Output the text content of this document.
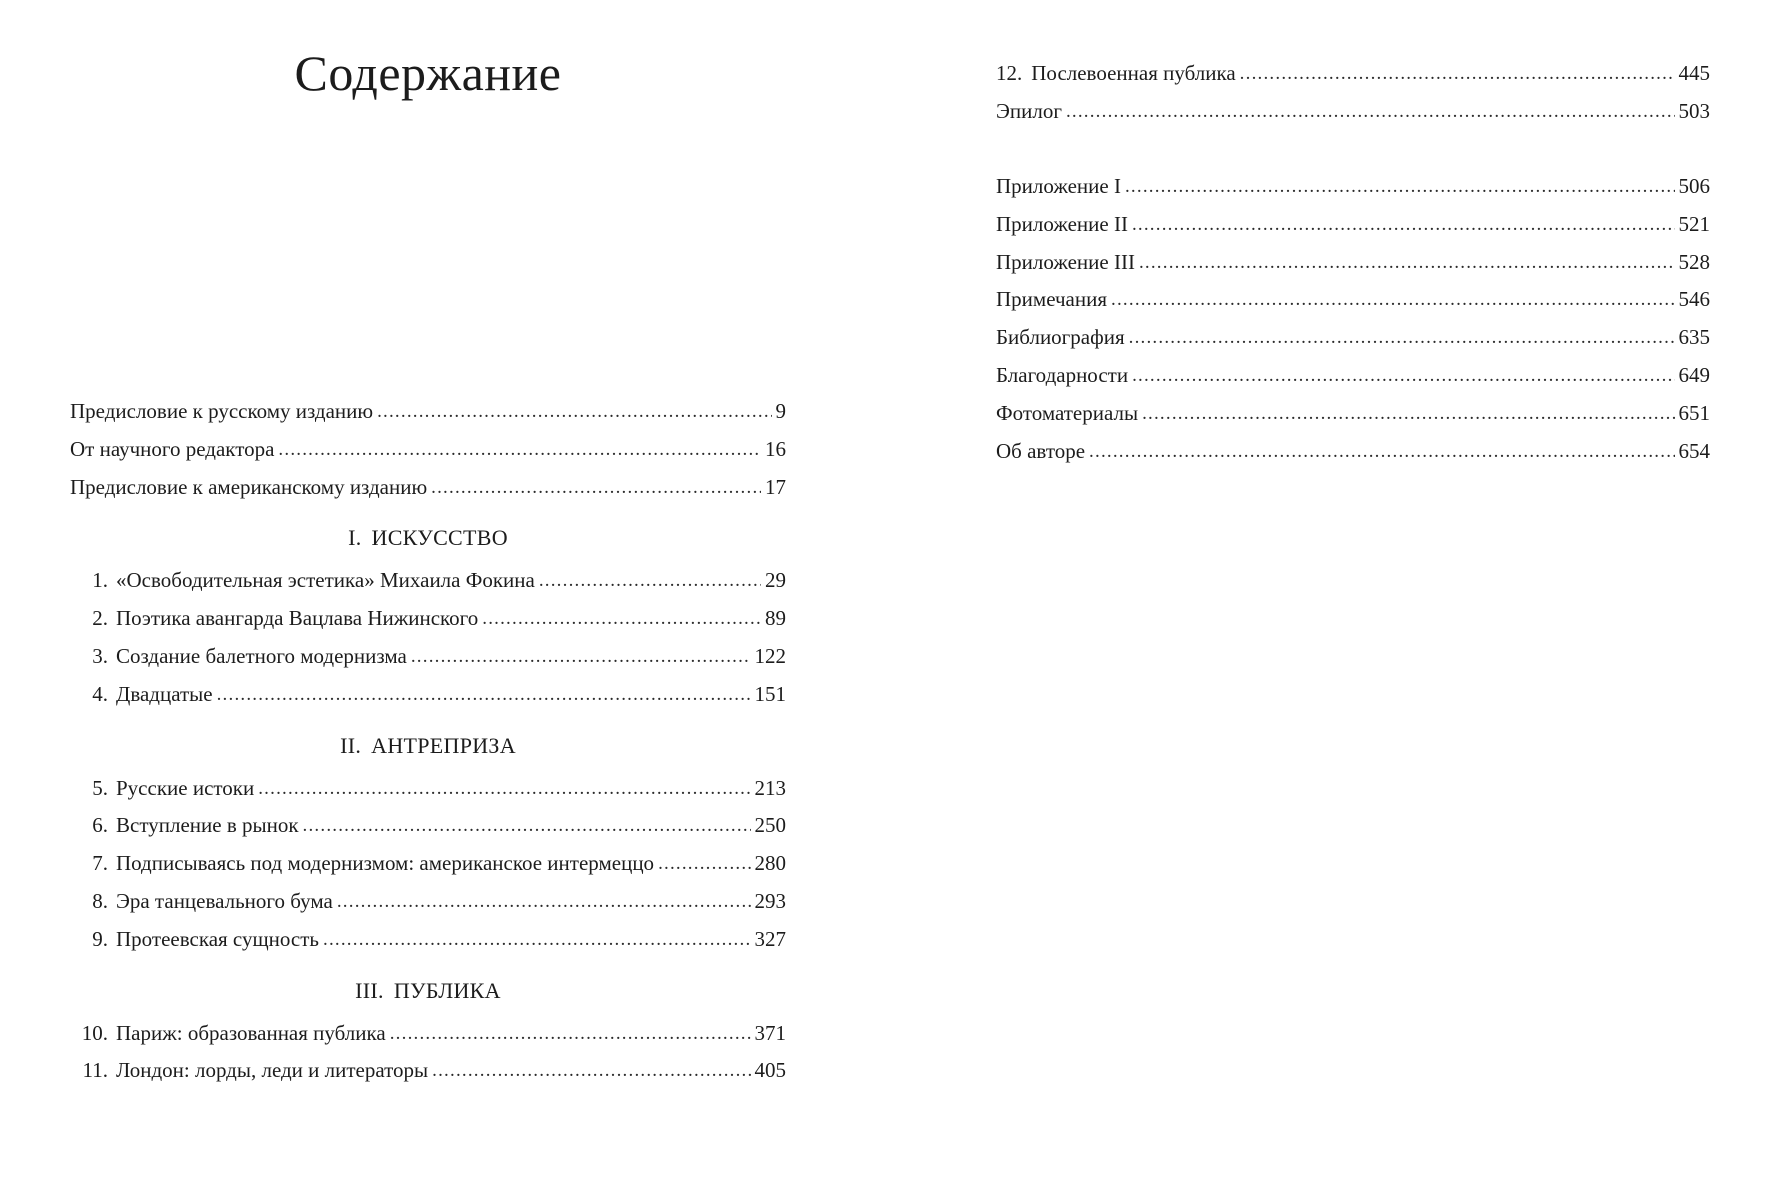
Содержание
Предисловие к русскому изданию .....	9
От научного редактора .....	16
Предисловие к американскому изданию .....	17
I. ИСКУССТВО
1. «Освободительная эстетика» Михаила Фокина .....	29
2. Поэтика авангарда Вацлава Нижинского .....	89
3. Создание балетного модернизма .....	122
4. Двадцатые .....	151
II. АНТРЕПРИЗА
5. Русские истоки .....	213
6. Вступление в рынок .....	250
7. Подписываясь под модернизмом: американское интермеццо .....	280
8. Эра танцевального бума .....	293
9. Протеевская сущность .....	327
III. ПУБЛИКА
10. Париж: образованная публика .....	371
11. Лондон: лорды, леди и литераторы .....	405
12. Послевоенная публика .....	445
Эпилог .....	503
Приложение I .....	506
Приложение II .....	521
Приложение III .....	528
Примечания .....	546
Библиография .....	635
Благодарности .....	649
Фотоматериалы .....	651
Об авторе .....	654
